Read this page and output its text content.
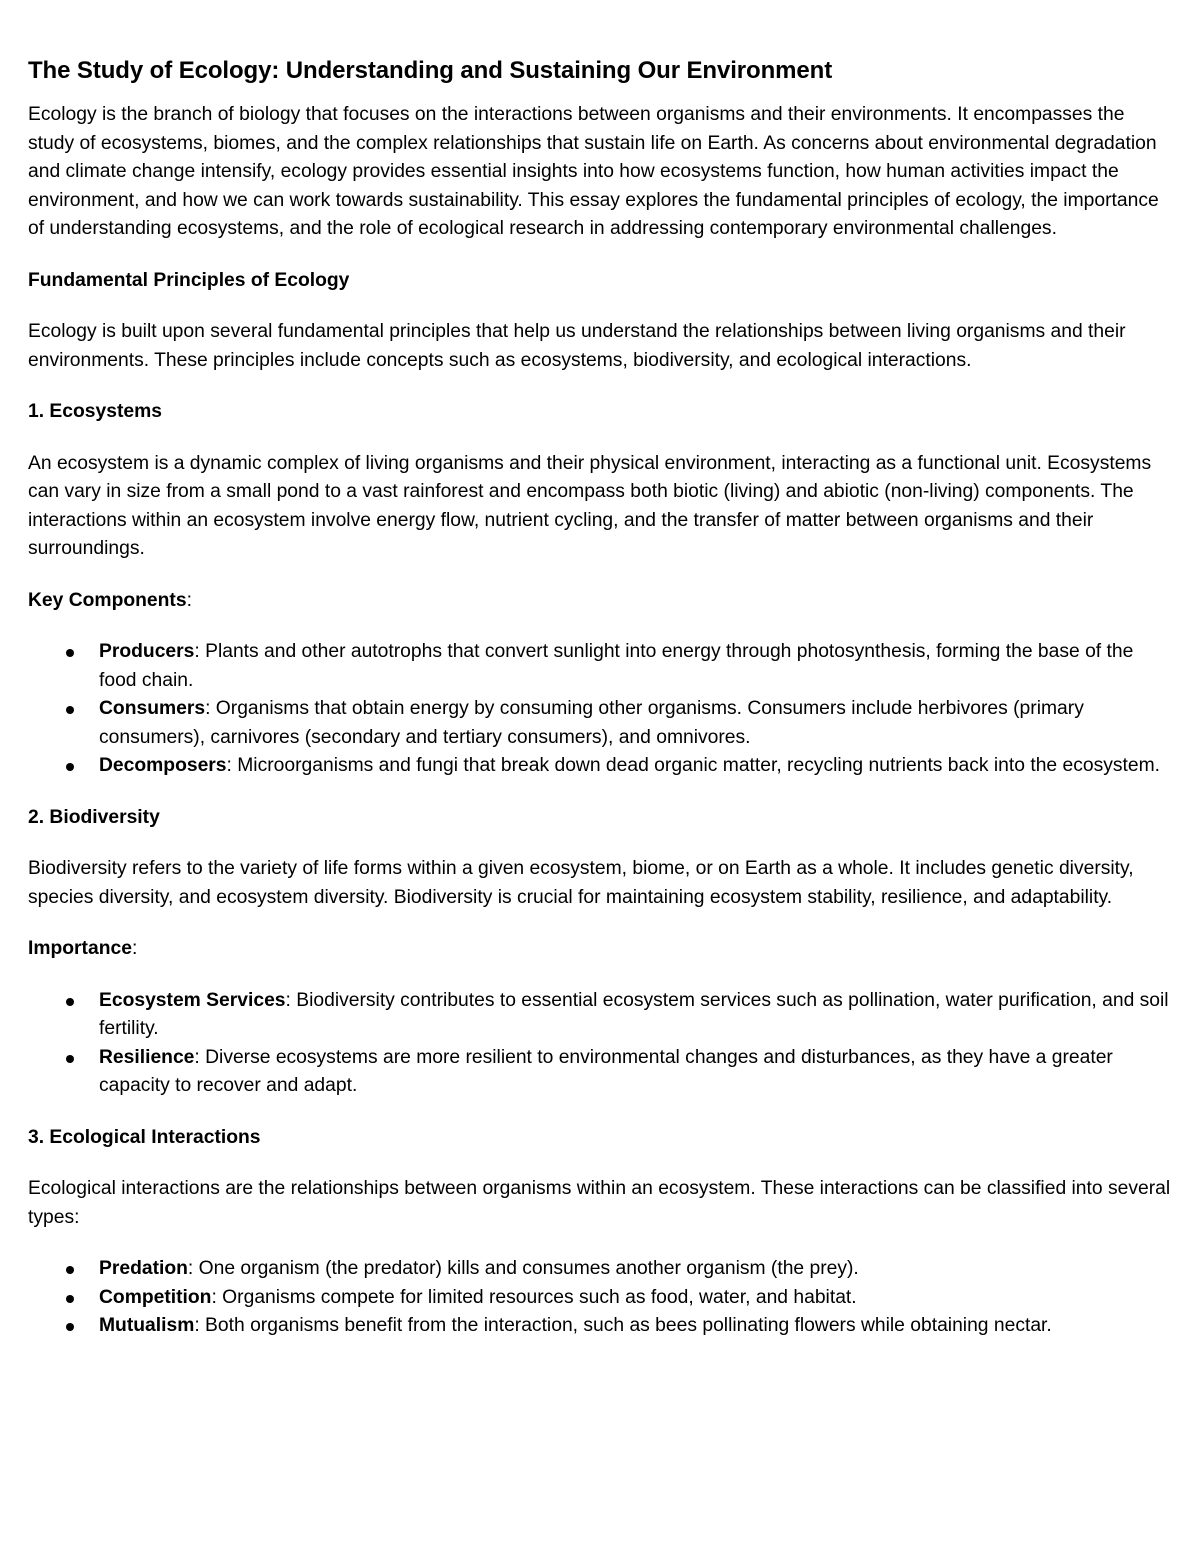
The Study of Ecology: Understanding and Sustaining Our Environment

Ecology is the branch of biology that focuses on the interactions between organisms and their environments. It encompasses the study of ecosystems, biomes, and the complex relationships that sustain life on Earth. As concerns about environmental degradation and climate change intensify, ecology provides essential insights into how ecosystems function, how human activities impact the environment, and how we can work towards sustainability. This essay explores the fundamental principles of ecology, the importance of understanding ecosystems, and the role of ecological research in addressing contemporary environmental challenges.

Fundamental Principles of Ecology

Ecology is built upon several fundamental principles that help us understand the relationships between living organisms and their environments. These principles include concepts such as ecosystems, biodiversity, and ecological interactions.

1. Ecosystems

An ecosystem is a dynamic complex of living organisms and their physical environment, interacting as a functional unit. Ecosystems can vary in size from a small pond to a vast rainforest and encompass both biotic (living) and abiotic (non-living) components. The interactions within an ecosystem involve energy flow, nutrient cycling, and the transfer of matter between organisms and their surroundings.

Key Components:
Producers: Plants and other autotrophs that convert sunlight into energy through photosynthesis, forming the base of the food chain.
Consumers: Organisms that obtain energy by consuming other organisms. Consumers include herbivores (primary consumers), carnivores (secondary and tertiary consumers), and omnivores.
Decomposers: Microorganisms and fungi that break down dead organic matter, recycling nutrients back into the ecosystem.
2. Biodiversity

Biodiversity refers to the variety of life forms within a given ecosystem, biome, or on Earth as a whole. It includes genetic diversity, species diversity, and ecosystem diversity. Biodiversity is crucial for maintaining ecosystem stability, resilience, and adaptability.

Importance:
Ecosystem Services: Biodiversity contributes to essential ecosystem services such as pollination, water purification, and soil fertility.
Resilience: Diverse ecosystems are more resilient to environmental changes and disturbances, as they have a greater capacity to recover and adapt.
3. Ecological Interactions

Ecological interactions are the relationships between organisms within an ecosystem. These interactions can be classified into several types:

Predation: One organism (the predator) kills and consumes another organism (the prey).
Competition: Organisms compete for limited resources such as food, water, and habitat.
Mutualism: Both organisms benefit from the interaction, such as bees pollinating flowers while obtaining nectar.
